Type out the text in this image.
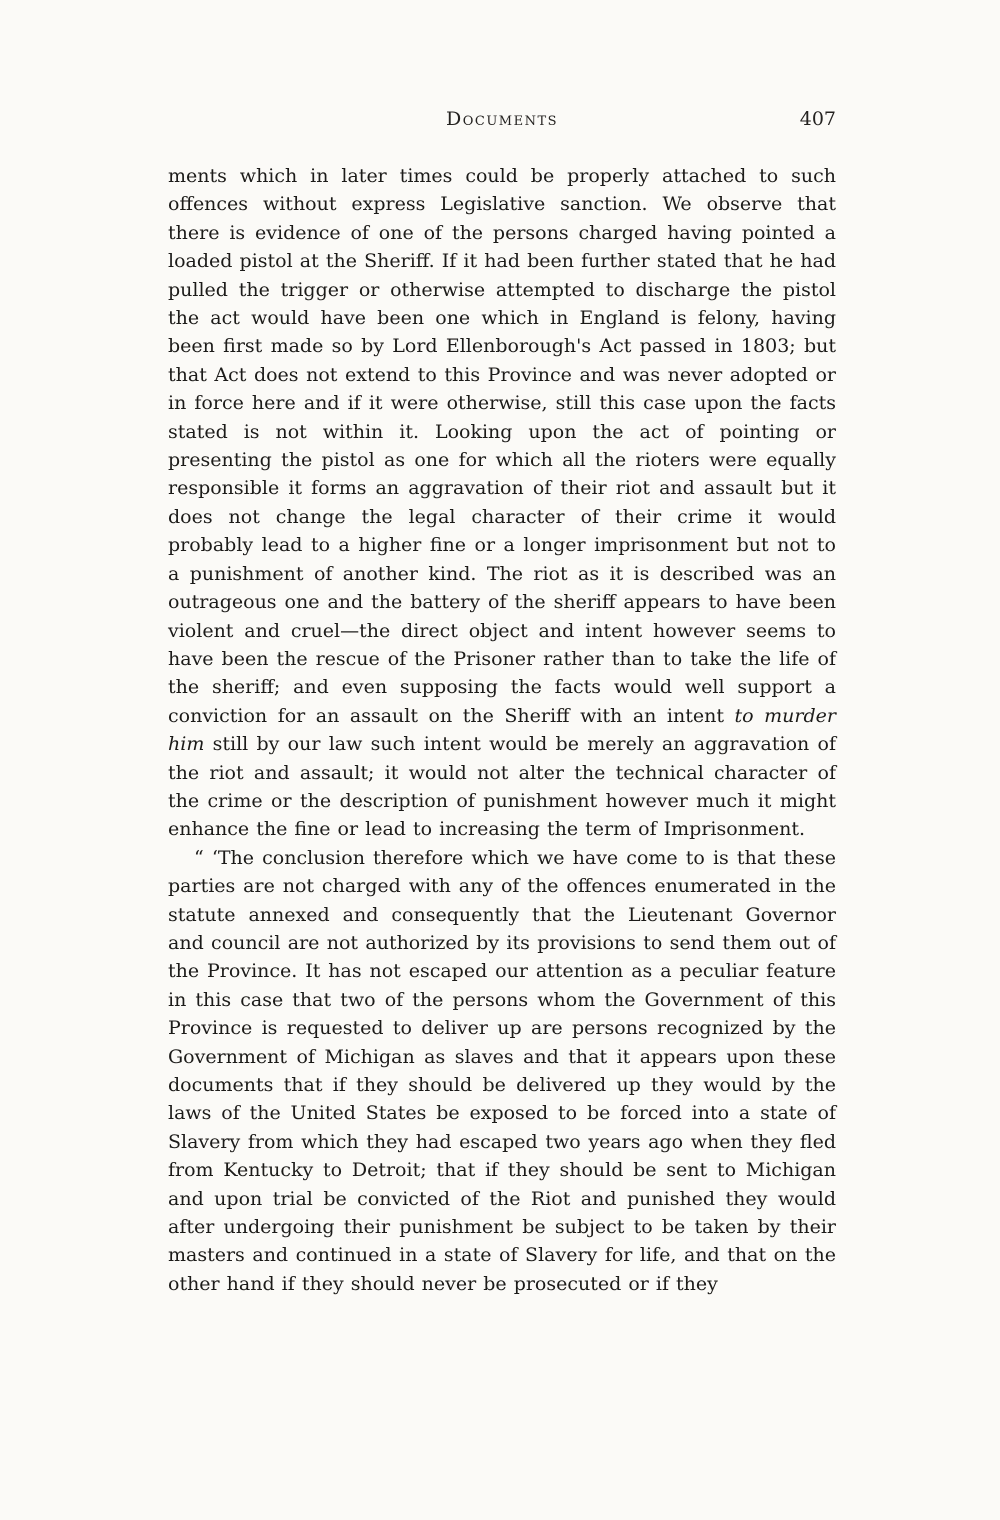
Documents	407

ments which in later times could be properly attached to such offences without express Legislative sanction. We observe that there is evidence of one of the persons charged having pointed a loaded pistol at the Sheriff. If it had been further stated that he had pulled the trigger or otherwise attempted to discharge the pistol the act would have been one which in England is felony, having been first made so by Lord Ellenborough's Act passed in 1803; but that Act does not extend to this Province and was never adopted or in force here and if it were otherwise, still this case upon the facts stated is not within it. Looking upon the act of pointing or presenting the pistol as one for which all the rioters were equally responsible it forms an aggravation of their riot and assault but it does not change the legal character of their crime it would probably lead to a higher fine or a longer imprisonment but not to a punishment of another kind. The riot as it is described was an outrageous one and the battery of the sheriff appears to have been violent and cruel—the direct object and intent however seems to have been the rescue of the Prisoner rather than to take the life of the sheriff; and even supposing the facts would well support a conviction for an assault on the Sheriff with an intent to murder him still by our law such intent would be merely an aggravation of the riot and assault; it would not alter the technical character of the crime or the description of punishment however much it might enhance the fine or lead to increasing the term of Imprisonment.

“ ‘The conclusion therefore which we have come to is that these parties are not charged with any of the offences enumerated in the statute annexed and consequently that the Lieutenant Governor and council are not authorized by its provisions to send them out of the Province. It has not escaped our attention as a peculiar feature in this case that two of the persons whom the Government of this Province is requested to deliver up are persons recognized by the Government of Michigan as slaves and that it appears upon these documents that if they should be delivered up they would by the laws of the United States be exposed to be forced into a state of Slavery from which they had escaped two years ago when they fled from Kentucky to Detroit; that if they should be sent to Michigan and upon trial be convicted of the Riot and punished they would after undergoing their punishment be subject to be taken by their masters and continued in a state of Slavery for life, and that on the other hand if they should never be prosecuted or if they
